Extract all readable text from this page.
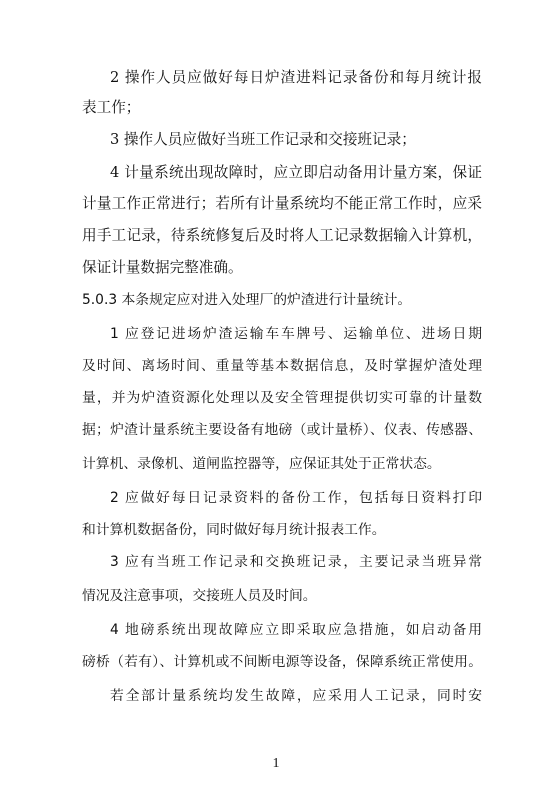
2 操作人员应做好每日炉渣进料记录备份和每月统计报
表工作；
3 操作人员应做好当班工作记录和交接班记录；
4 计量系统出现故障时，应立即启动备用计量方案，保证
计量工作正常进行；若所有计量系统均不能正常工作时，应采
用手工记录，待系统修复后及时将人工记录数据输入计算机，
保证计量数据完整准确。
5.0.3 本条规定应对进入处理厂的炉渣进行计量统计。
1 应登记进场炉渣运输车车牌号、运输单位、进场日期
及时间、离场时间、重量等基本数据信息，及时掌握炉渣处理
量，并为炉渣资源化处理以及安全管理提供切实可靠的计量数
据；炉渣计量系统主要设备有地磅（或计量桥）、仪表、传感器、
计算机、录像机、道闸监控器等，应保证其处于正常状态。
2 应做好每日记录资料的备份工作，包括每日资料打印
和计算机数据备份，同时做好每月统计报表工作。
3 应有当班工作记录和交换班记录，主要记录当班异常
情况及注意事项，交接班人员及时间。
4 地磅系统出现故障应立即采取应急措施，如启动备用
磅桥（若有）、计算机或不间断电源等设备，保障系统正常使用。
若全部计量系统均发生故障，应采用人工记录，同时安
1
